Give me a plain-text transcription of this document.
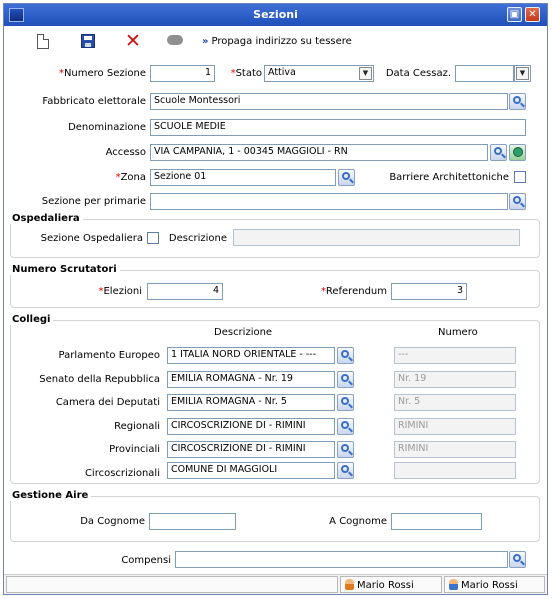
Sezioni	▣ ✕
✕	» Propaga indirizzo su tessere
*Numero Sezione	1	*Stato Attiva	▼	Data Cessaz.	▼
Fabbricato elettorale Scuole Montessori
Denominazione SCUOLE MEDIE
Accesso VIA CAMPANIA, 1 - 00345 MAGGIOLI - RN
*Zona Sezione 01	Barriere Architettoniche
Sezione per primarie
Ospedaliera
Sezione Ospedaliera	Descrizione
Numero Scrutatori
*Elezioni	4	*Referendum	3
Collegi
Descrizione	Numero
Parlamento Europeo	1 ITALIA NORD ORIENTALE - ---	---
Senato della Repubblica	EMILIA ROMAGNA - Nr. 19	Nr. 19
Camera dei Deputati	EMILIA ROMAGNA - Nr. 5	Nr. 5
Regionali	CIRCOSCRIZIONE DI - RIMINI	RIMINI
Provinciali	CIRCOSCRIZIONE DI - RIMINI	RIMINI
Circoscrizionali	COMUNE DI MAGGIOLI
Gestione Aire
Da Cognome	A Cognome
Compensi
Mario Rossi	Mario Rossi
